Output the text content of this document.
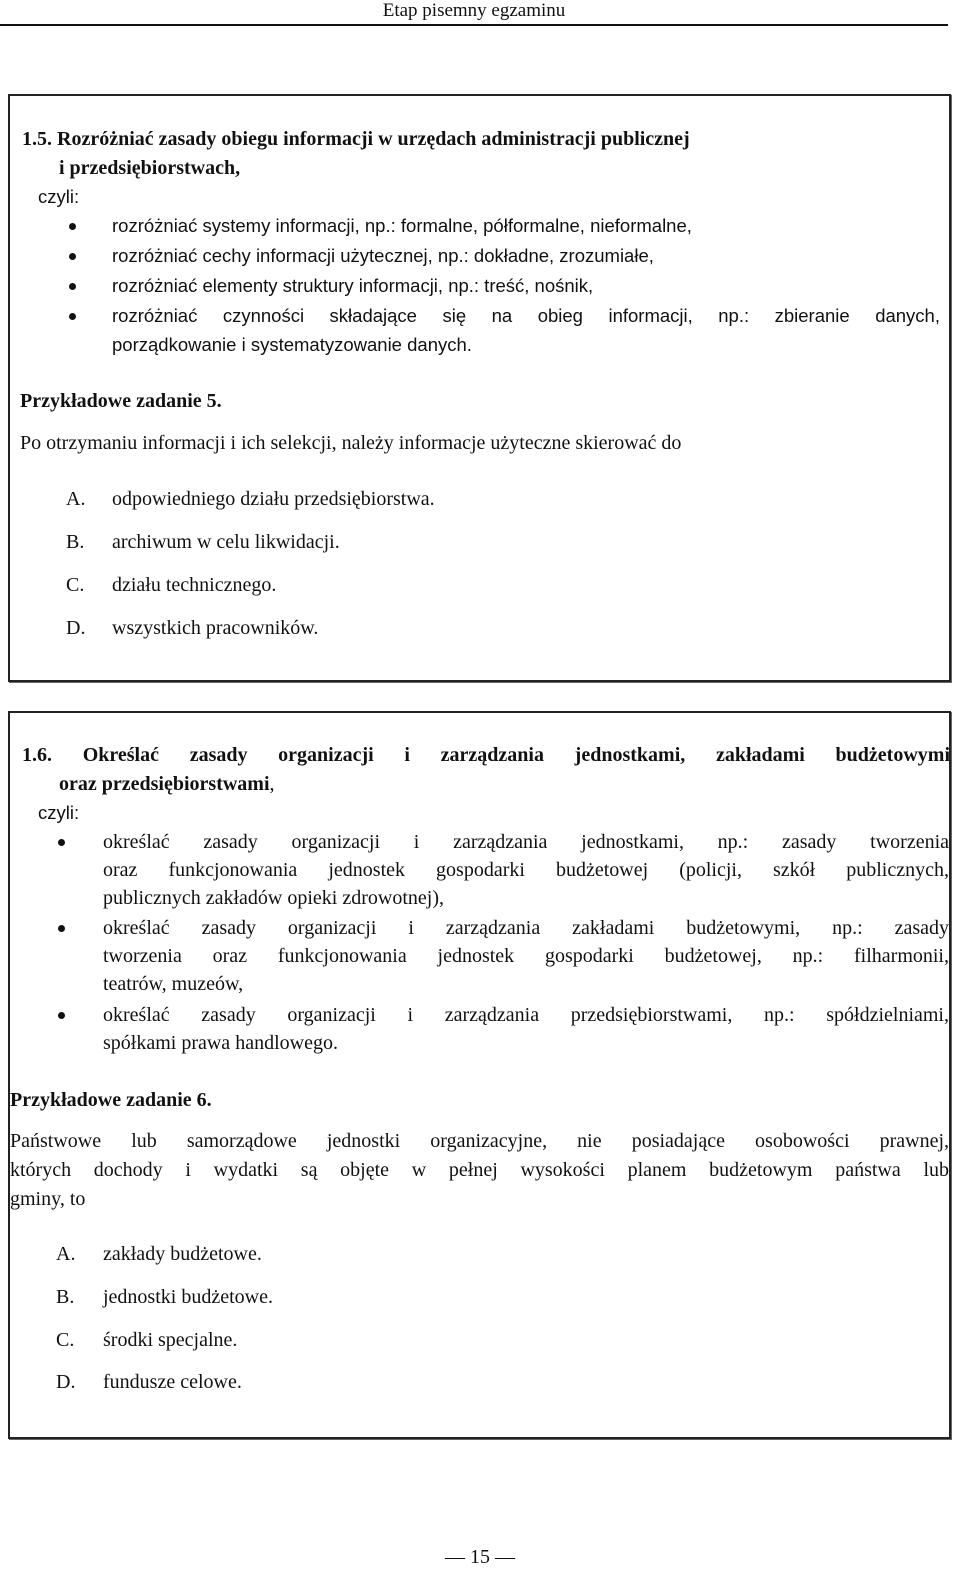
Etap pisemny egzaminu

1.5. Rozróżniać zasady obiegu informacji w urzędach administracji publicznej

i przedsiębiorstwach,

czyli:

rozróżniać systemy informacji, np.: formalne, półformalne, nieformalne,

rozróżniać cechy informacji użytecznej, np.: dokładne, zrozumiałe,

rozróżniać elementy struktury informacji, np.: treść, nośnik,

rozróżniać czynności składające się na obieg informacji, np.: zbieranie danych,

porządkowanie i systematyzowanie danych.

Przykładowe zadanie 5.

Po otrzymaniu informacji i ich selekcji, należy informacje użyteczne skierować do

A. odpowiedniego działu przedsiębiorstwa.
B. archiwum w celu likwidacji.
C. działu technicznego.
D. wszystkich pracowników.

1.6. Określać zasady organizacji i zarządzania jednostkami, zakładami budżetowymi

oraz przedsiębiorstwami,

czyli:

określać zasady organizacji i zarządzania jednostkami, np.: zasady tworzenia

oraz funkcjonowania jednostek gospodarki budżetowej (policji, szkół publicznych,

publicznych zakładów opieki zdrowotnej),

określać zasady organizacji i zarządzania zakładami budżetowymi, np.: zasady

tworzenia oraz funkcjonowania jednostek gospodarki budżetowej, np.: filharmonii,

teatrów, muzeów,

określać zasady organizacji i zarządzania przedsiębiorstwami, np.: spółdzielniami,

spółkami prawa handlowego.

Przykładowe zadanie 6.

Państwowe lub samorządowe jednostki organizacyjne, nie posiadające osobowości prawnej,

których dochody i wydatki są objęte w pełnej wysokości planem budżetowym państwa lub

gminy, to

A. zakłady budżetowe.
B. jednostki budżetowe.
C. środki specjalne.
D. fundusze celowe.
— 15 —
